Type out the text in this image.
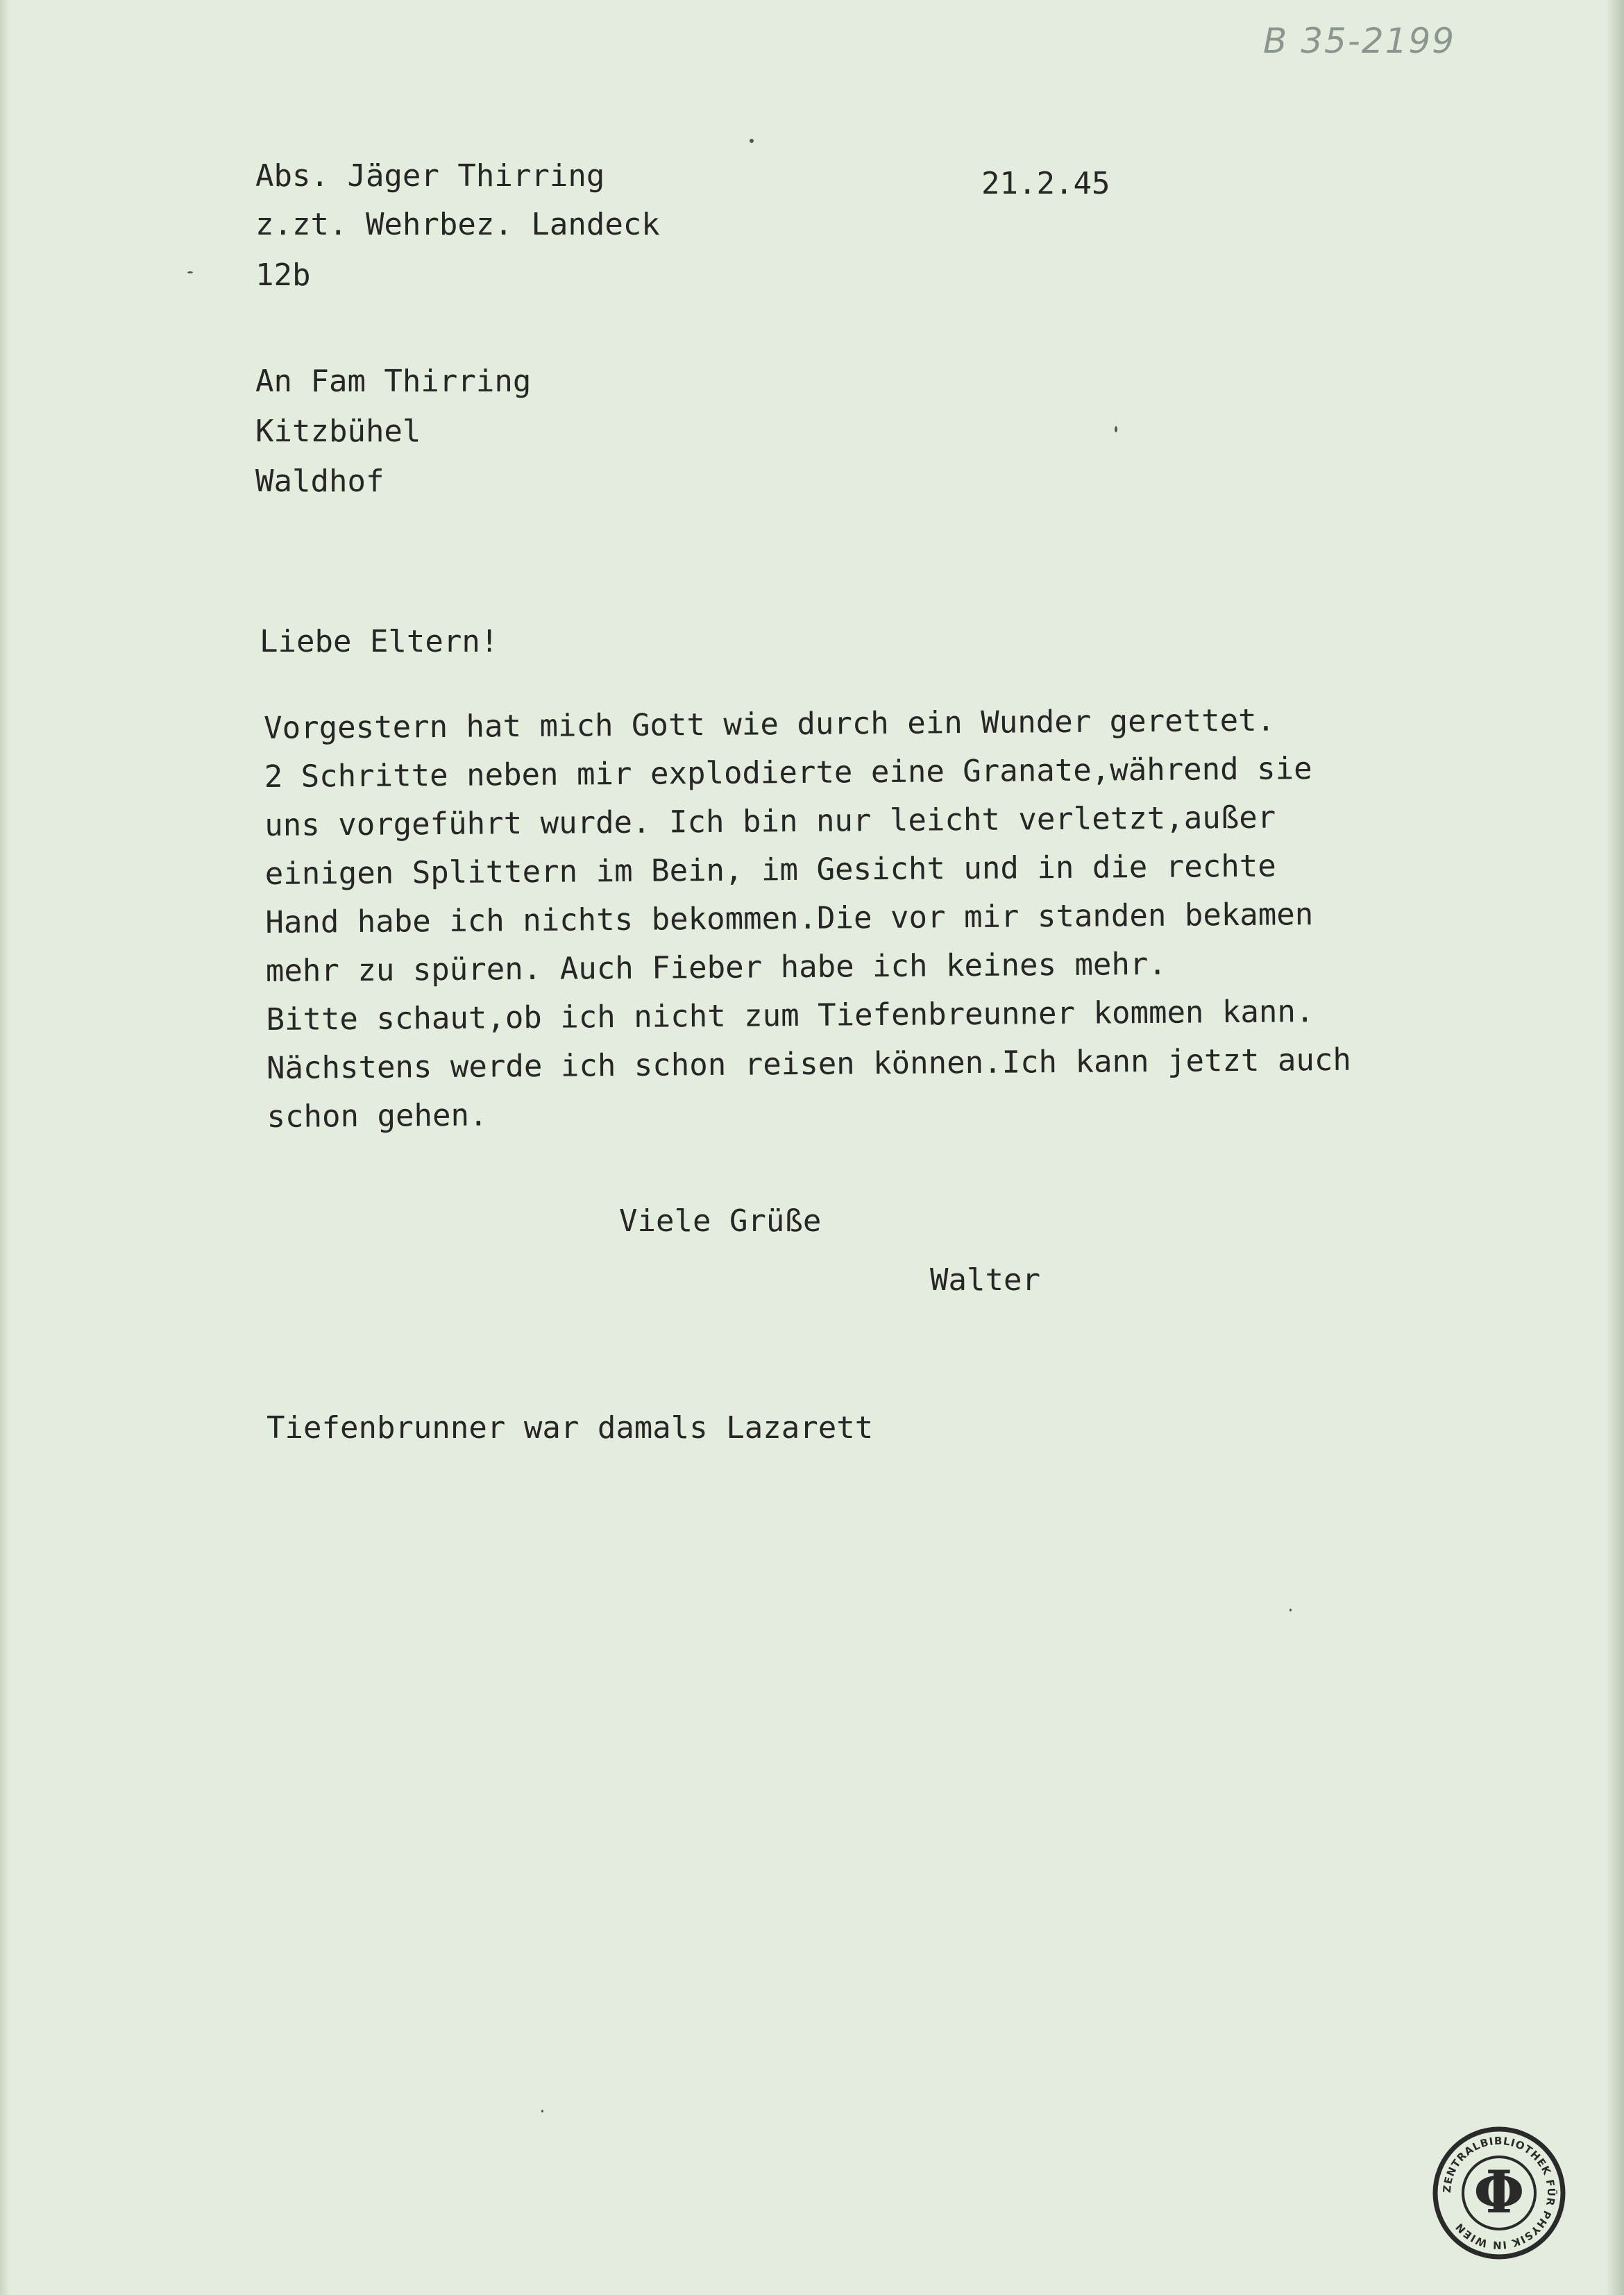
B 35-2199

Abs. Jäger Thirring

z.zt. Wehrbez. Landeck

12b

21.2.45

An Fam Thirring

Kitzbühel

Waldhof

Liebe Eltern!

Vorgestern hat mich Gott wie durch ein Wunder gerettet.

2 Schritte neben mir explodierte eine Granate,während sie

uns vorgeführt wurde. Ich bin nur leicht verletzt,außer

einigen Splittern im Bein, im Gesicht und in die rechte

Hand habe ich nichts bekommen.Die vor mir standen bekamen

mehr zu spüren. Auch Fieber habe ich keines mehr.

Bitte schaut,ob ich nicht zum Tiefenbreunner kommen kann.

Nächstens werde ich schon reisen können.Ich kann jetzt auch

schon gehen.

Viele Grüße

Walter

Tiefenbrunner war damals Lazarett

ZENTRALBIBLIOTHEK FÜR PHYSIK IN WIEN
Φ
